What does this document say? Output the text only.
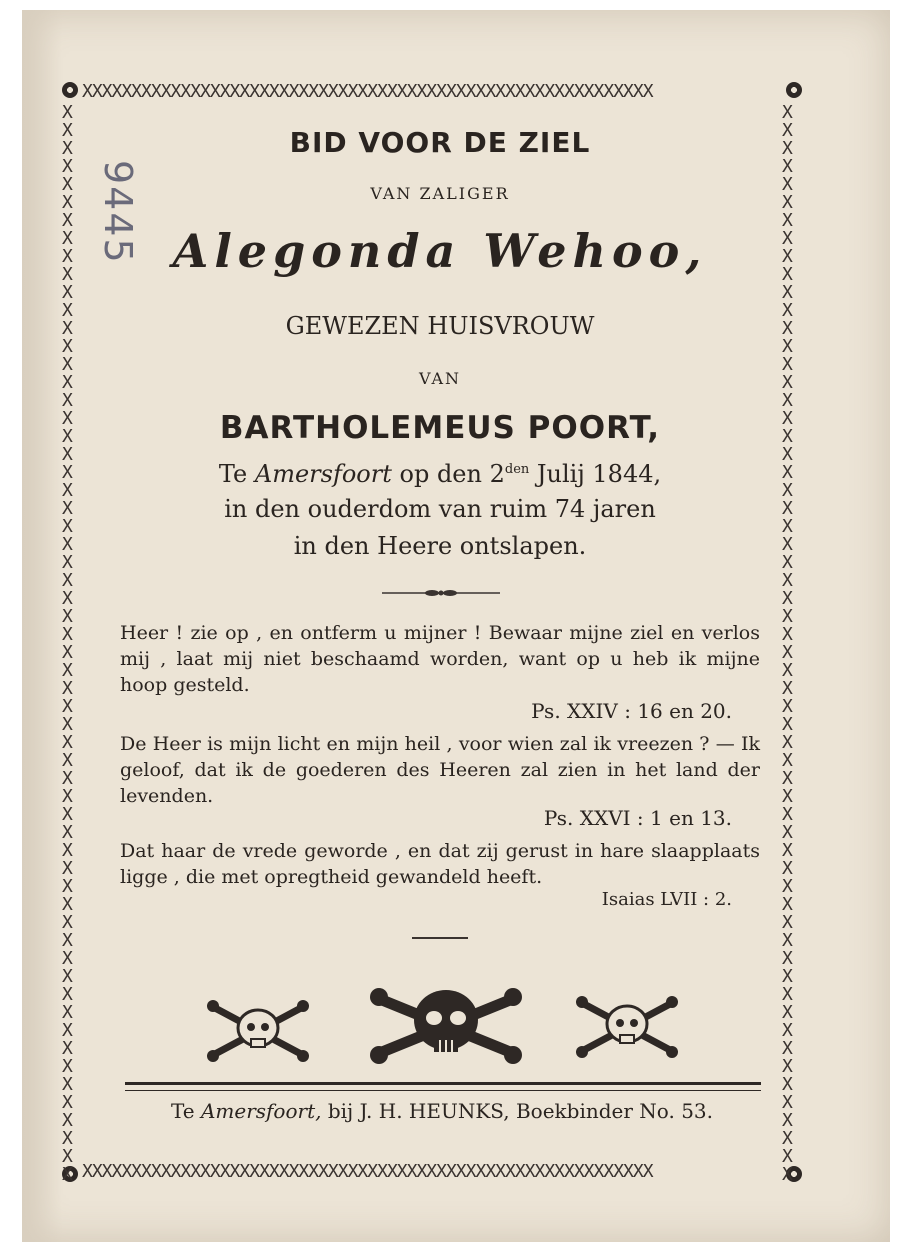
9445
XXXXXXXXXXXXXXXXXXXXXXXXXXXXXXXXXXXXXXXXXXXXXXXXXXXXXXXXXX
XXXXXXXXXXXXXXXXXXXXXXXXXXXXXXXXXXXXXXXXXXXXXXXXXXXXXXXXXX
XXXXXXXXXXXXXXXXXXXXXXXXXXXXXXXXXXXXXXXXXXXXXXXXXXXXXXXXXXXX
XXXXXXXXXXXXXXXXXXXXXXXXXXXXXXXXXXXXXXXXXXXXXXXXXXXXXXXXXXXX
BID VOOR DE ZIEL
VAN ZALIGER
Alegonda Wehoo,
GEWEZEN HUISVROUW
VAN
BARTHOLEMEUS POORT,
Te Amersfoort op den $2^{den}$ Julij 1844,
in den ouderdom van ruim 74 jaren
in den Heere ontslapen.
Heer ! zie op , en ontferm u mijner ! Bewaar mijne ziel en verlos mij , laat mij niet beschaamd worden, want op u heb ik mijne hoop gesteld.
Ps. XXIV : 16 en 20.
De Heer is mijn licht en mijn heil , voor wien zal ik vreezen ? — Ik geloof, dat ik de goederen des Heeren zal zien in het land der levenden.
Ps. XXVI : 1 en 13.
Dat haar de vrede geworde , en dat zij gerust in hare slaapplaats ligge , die met opregtheid gewandeld heeft.
Isaias LVII : 2.
Te Amersfoort, bij J. H. HEUNKS, Boekbinder No. 53.
